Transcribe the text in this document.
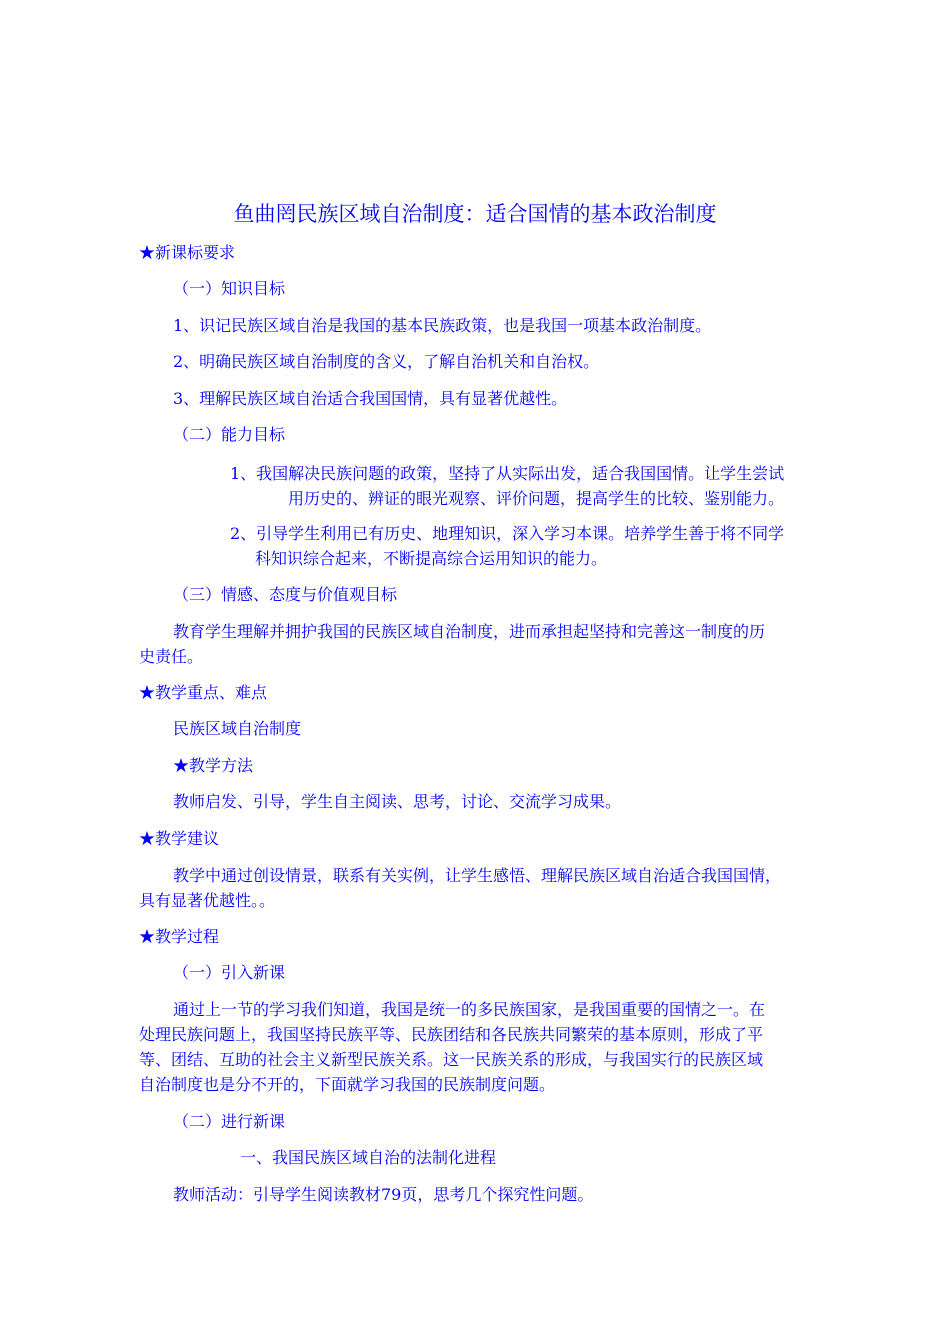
鱼曲罔民族区域自治制度：适合国情的基本政治制度
★新课标要求
（一）知识目标
1、识记民族区域自治是我国的基本民族政策，也是我国一项基本政治制度。
2、明确民族区域自治制度的含义，了解自治机关和自治权。
3、理解民族区域自治适合我国国情，具有显著优越性。
（二）能力目标
1、我国解决民族问题的政策，坚持了从实际出发，适合我国国情。让学生尝试
用历史的、辨证的眼光观察、评价问题，提高学生的比较、鉴别能力。
2、引导学生利用已有历史、地理知识，深入学习本课。培养学生善于将不同学
科知识综合起来，不断提高综合运用知识的能力。
（三）情感、态度与价值观目标
教育学生理解并拥护我国的民族区域自治制度，进而承担起坚持和完善这一制度的历
史责任。
★教学重点、难点
民族区域自治制度
★教学方法
教师启发、引导，学生自主阅读、思考，讨论、交流学习成果。
★教学建议
教学中通过创设情景，联系有关实例，让学生感悟、理解民族区域自治适合我国国情，
具有显著优越性。。
★教学过程
（一）引入新课
通过上一节的学习我们知道，我国是统一的多民族国家，是我国重要的国情之一。在
处理民族问题上，我国坚持民族平等、民族团结和各民族共同繁荣的基本原则，形成了平
等、团结、互助的社会主义新型民族关系。这一民族关系的形成，与我国实行的民族区域
自治制度也是分不开的，下面就学习我国的民族制度问题。
（二）进行新课
一、我国民族区域自治的法制化进程
教师活动：引导学生阅读教材79页，思考几个探究性问题。
